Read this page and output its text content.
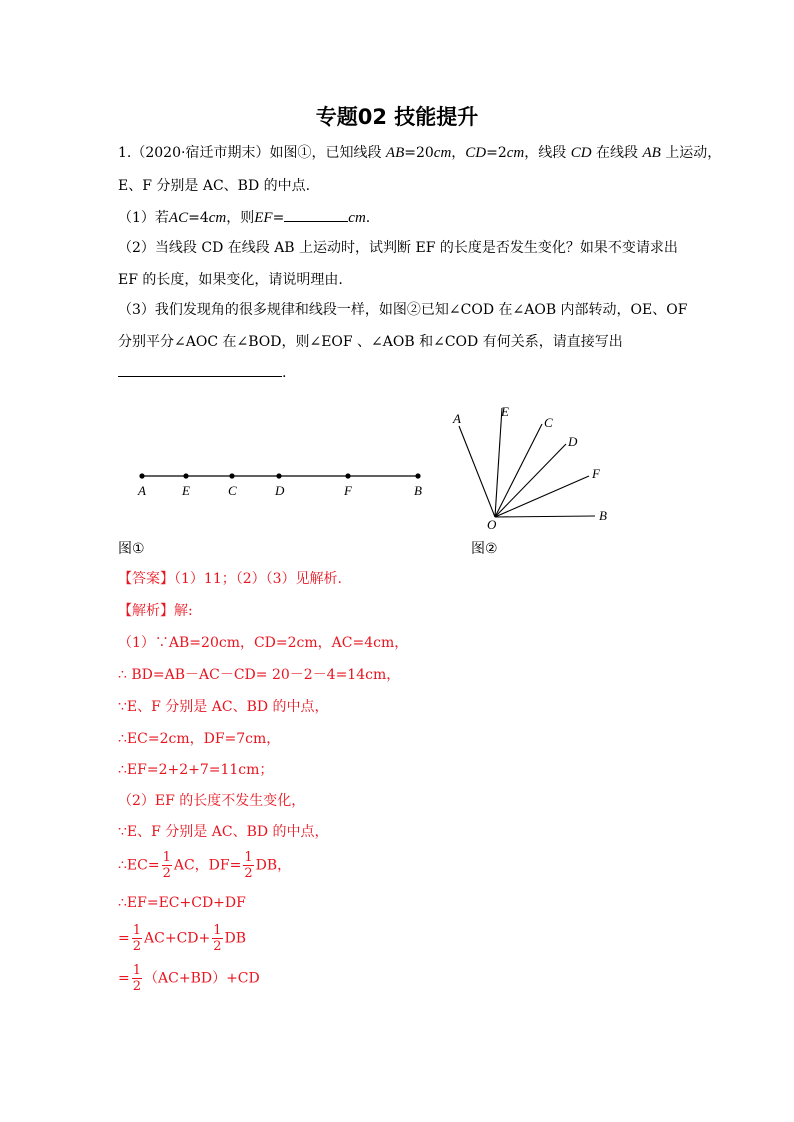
专题02 技能提升
1.（2020·宿迁市期末）如图①，已知线段 AB=20cm，CD=2cm，线段 CD 在线段 AB 上运动，
E、F 分别是 AC、BD 的中点.
（1）若AC=4cm，则EF=	cm.
（2）当线段 CD 在线段 AB 上运动时，试判断 EF 的长度是否发生变化？如果不变请求出
EF 的长度，如果变化，请说明理由.
（3）我们发现角的很多规律和线段一样，如图②已知∠COD 在∠AOB 内部转动，OE、OF
分别平分∠AOC 在∠BOD，则∠EOF 、∠AOB 和∠COD 有何关系，请直接写出
.
A	E	C	D	F	B
图①
O
A	E
C
D
F
B
图②
【答案】（1）11；（2）（3）见解析.
【解析】解:
（1）∵AB=20cm，CD=2cm，AC=4cm，
∴ BD=AB－AC－CD= 20－2－4=14cm，
∵E、F 分别是 AC、BD 的中点，
∴EC=2cm，DF=7cm，
∴EF=2+2+7=11cm；
（2）EF 的长度不发生变化，
∵E、F 分别是 AC、BD 的中点，
∴EC= $\frac{1}{2}$ AC，$DF= \frac{1}{2}$ DB，
∴EF=EC+CD+DF
= $\frac{1}{2} AC+CD+ \frac{1}{2}$ DB
= $\frac{1}{2} (AC+BD)+CD$
